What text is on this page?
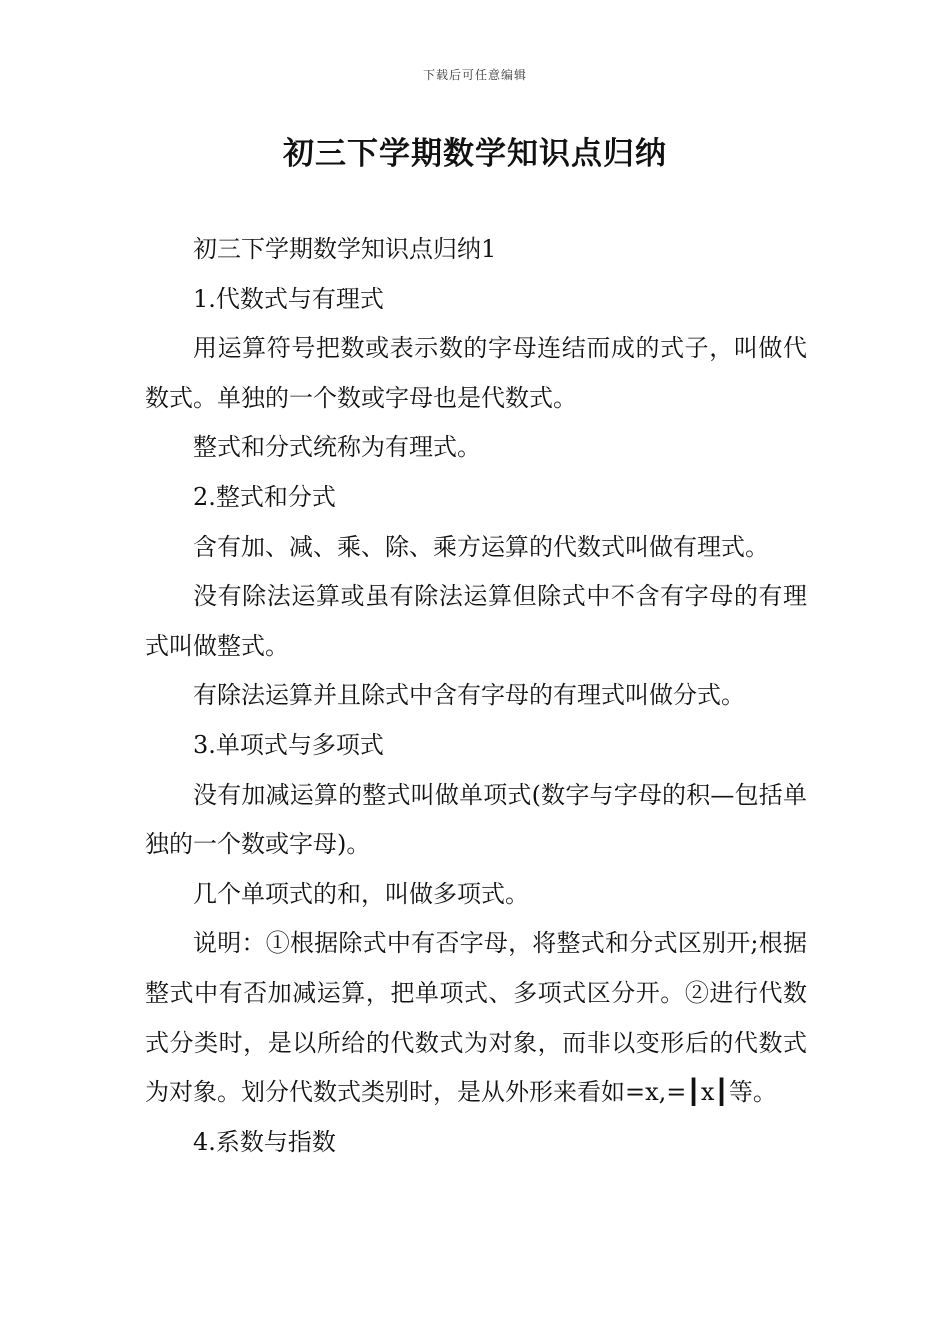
下载后可任意编辑
初三下学期数学知识点归纳

初三下学期数学知识点归纳1

1.代数式与有理式

用运算符号把数或表示数的字母连结而成的式子，叫做代数式。单独的一个数或字母也是代数式。

整式和分式统称为有理式。

2.整式和分式

含有加、减、乘、除、乘方运算的代数式叫做有理式。

没有除法运算或虽有除法运算但除式中不含有字母的有理式叫做整式。

有除法运算并且除式中含有字母的有理式叫做分式。

3.单项式与多项式

没有加减运算的整式叫做单项式(数字与字母的积—包括单独的一个数或字母)。

几个单项式的和，叫做多项式。

说明：①根据除式中有否字母，将整式和分式区别开;根据整式中有否加减运算，把单项式、多项式区分开。②进行代数式分类时，是以所给的代数式为对象，而非以变形后的代数式为对象。划分代数式类别时，是从外形来看如=x,=┃x┃等。

4.系数与指数
